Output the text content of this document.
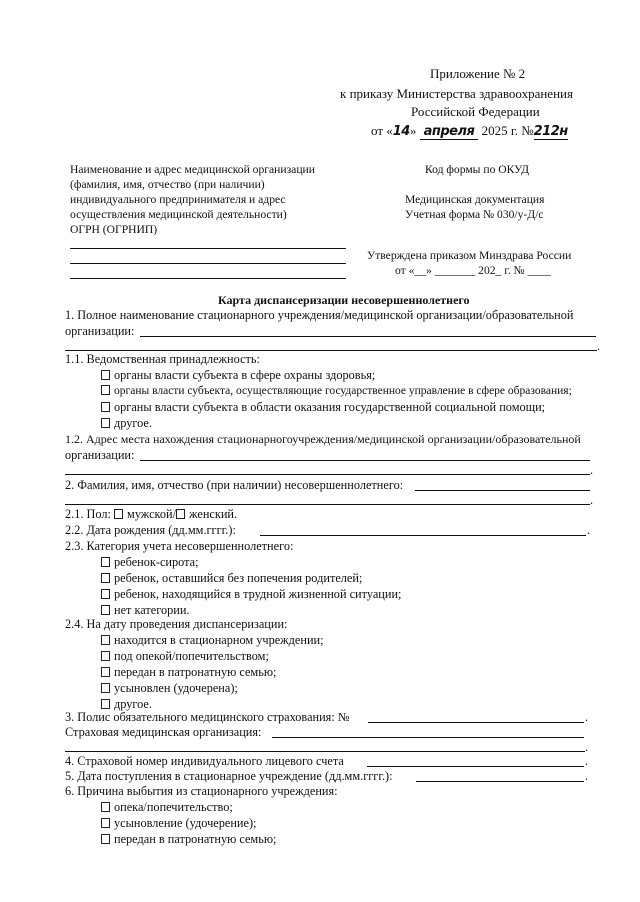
Приложение № 2
к приказу Министерства здравоохранения
Российской Федерации
от «14» апреля 2025 г. №212н
Наименование и адрес медицинской организации
(фамилия, имя, отчество (при наличии)
индивидуального предпринимателя и адрес
осуществления медицинской деятельности)
ОГРН (ОГРНИП)
Код формы по ОКУД
Медицинская документация
Учетная форма № 030/у-Д/с
Утверждена приказом Минздрава России
от «__» _______ 202_ г. № ____
Карта диспансеризации несовершеннолетнего
1. Полное наименование стационарного учреждения/медицинской организации/образовательной
организации:
.
1.1. Ведомственная принадлежность:
органы власти субъекта в сфере охраны здоровья;
органы власти субъекта, осуществляющие государственное управление в сфере образования;
органы власти субъекта в области оказания государственной социальной помощи;
другое.
1.2. Адрес места нахождения стационарногоучреждения/медицинской организации/образовательной
организации:
.
2. Фамилия, имя, отчество (при наличии) несовершеннолетнего:
.
2.1. Пол: мужской/ женский.
2.2. Дата рождения (дд.мм.гггг.):	.
2.3. Категория учета несовершеннолетнего:
ребенок-сирота;
ребенок, оставшийся без попечения родителей;
ребенок, находящийся в трудной жизненной ситуации;
нет категории.
2.4. На дату проведения диспансеризации:
находится в стационарном учреждении;
под опекой/попечительством;
передан в патронатную семью;
усыновлен (удочерена);
другое.
3. Полис обязательного медицинского страхования: №	.
Страховая медицинская организация:
.
4. Страховой номер индивидуального лицевого счета	.
5. Дата поступления в стационарное учреждение (дд.мм.гггг.):	.
6. Причина выбытия из стационарного учреждения:
опека/попечительство;
усыновление (удочерение);
передан в патронатную семью;
